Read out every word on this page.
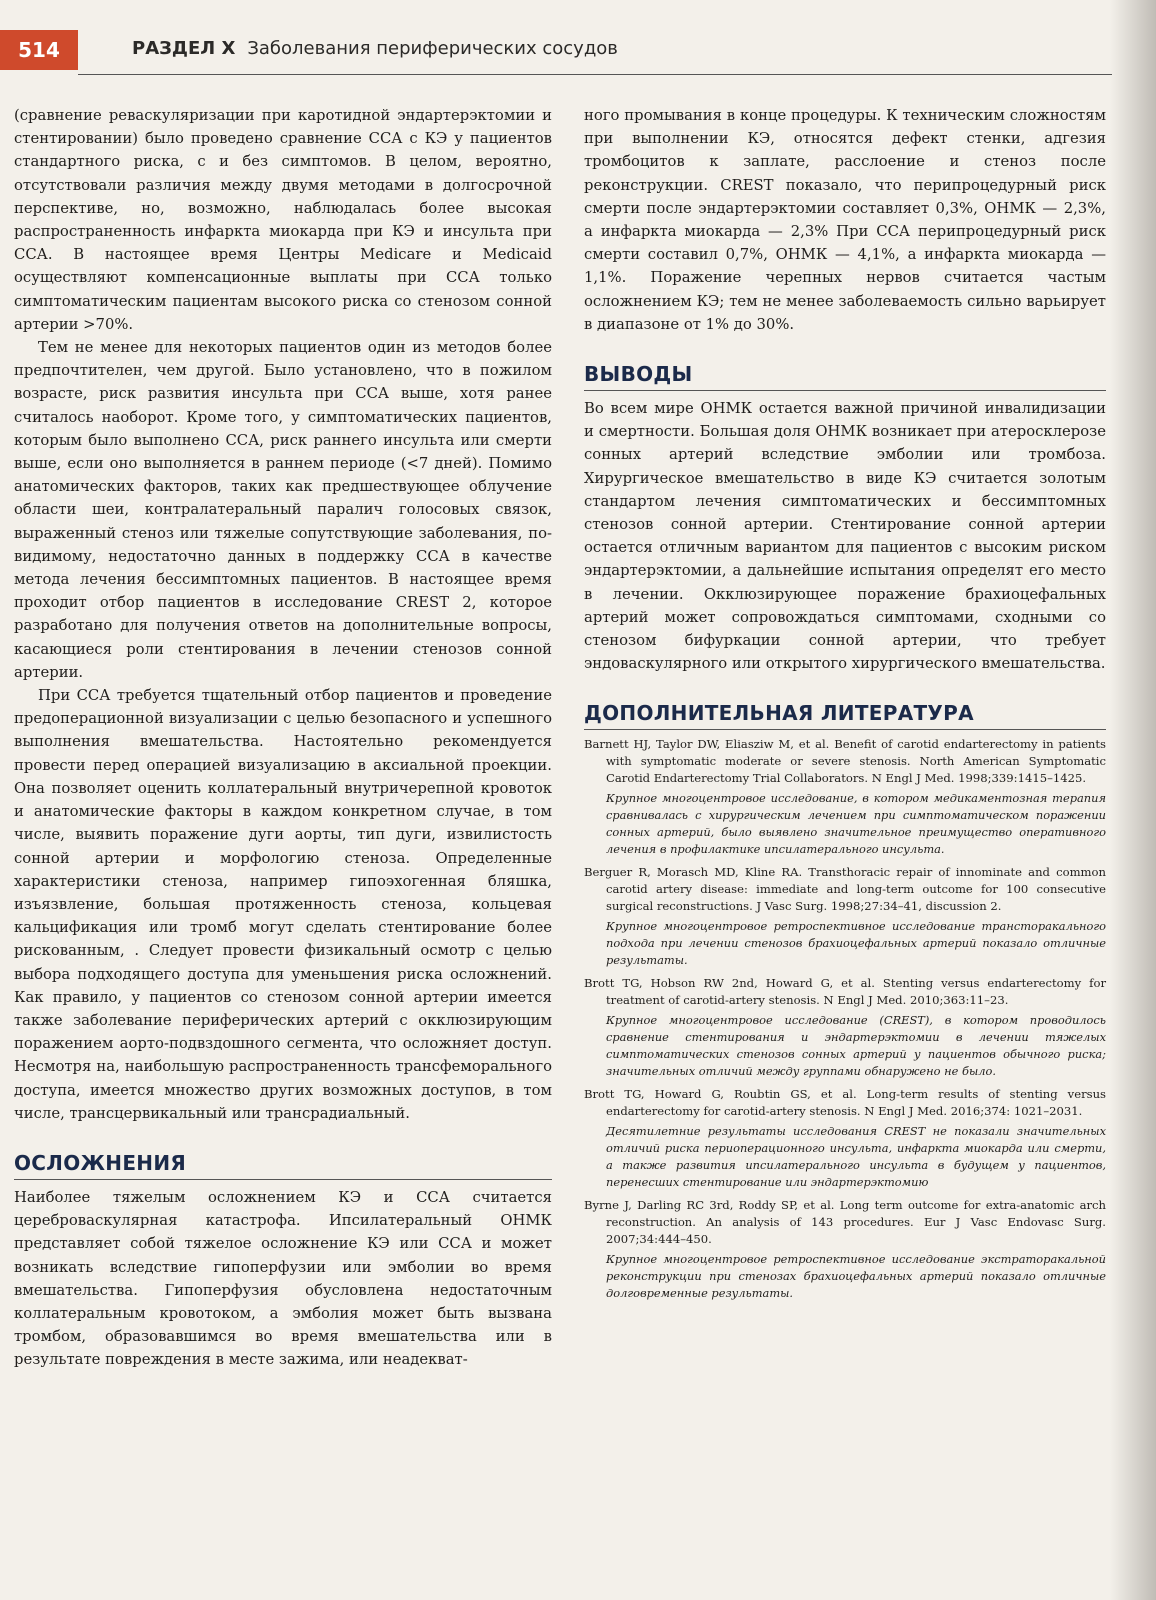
514	РАЗДЕЛ X Заболевания периферических сосудов

(сравнение реваскуляризации при каротидной эндартерэктомии и стентировании) было проведено сравнение ССА с КЭ у пациентов стандартного риска, с и без симптомов. В целом, вероятно, отсутствовали различия между двумя методами в долгосрочной перспективе, но, возможно, наблюдалась более высокая распространенность инфаркта миокарда при КЭ и инсульта при ССА. В настоящее время Центры Medicare и Medicaid осуществляют компенсационные выплаты при ССА только симптоматическим пациентам высокого риска со стенозом сонной артерии >70%.

Тем не менее для некоторых пациентов один из методов более предпочтителен, чем другой. Было установлено, что в пожилом возрасте, риск развития инсульта при ССА выше, хотя ранее считалось наоборот. Кроме того, у симптоматических пациентов, которым было выполнено ССА, риск раннего инсульта или смерти выше, если оно выполняется в раннем периоде (<7 дней). Помимо анатомических факторов, таких как предшествующее облучение области шеи, контралатеральный паралич голосовых связок, выраженный стеноз или тяжелые сопутствующие заболевания, по-видимому, недостаточно данных в поддержку ССА в качестве метода лечения бессимптомных пациентов. В настоящее время проходит отбор пациентов в исследование CREST 2, которое разработано для получения ответов на дополнительные вопросы, касающиеся роли стентирования в лечении стенозов сонной артерии.

При ССА требуется тщательный отбор пациентов и проведение предоперационной визуализации с целью безопасного и успешного выполнения вмешательства. Настоятельно рекомендуется провести перед операцией визуализацию в аксиальной проекции. Она позволяет оценить коллатеральный внутричерепной кровоток и анатомические факторы в каждом конкретном случае, в том числе, выявить поражение дуги аорты, тип дуги, извилистость сонной артерии и морфологию стеноза. Определенные характеристики стеноза, например гипоэхогенная бляшка, изъязвление, большая протяженность стеноза, кольцевая кальцификация или тромб могут сделать стентирование более рискованным, . Следует провести физикальный осмотр с целью выбора подходящего доступа для уменьшения риска осложнений. Как правило, у пациентов со стенозом сонной артерии имеется также заболевание периферических артерий с окклюзирующим поражением аорто-подвздошного сегмента, что осложняет доступ. Несмотря на, наибольшую распространенность трансфеморального доступа, имеется множество других возможных доступов, в том числе, трансцервикальный или трансрадиальный.

ОСЛОЖНЕНИЯ

Наиболее тяжелым осложнением КЭ и ССА считается цереброваскулярная катастрофа. Ипсилатеральный ОНМК представляет собой тяжелое осложнение КЭ или ССА и может возникать вследствие гипоперфузии или эмболии во время вмешательства. Гипоперфузия обусловлена недостаточным коллатеральным кровотоком, а эмболия может быть вызвана тромбом, образовавшимся во время вмешательства или в результате повреждения в месте зажима, или неадекват-

ного промывания в конце процедуры. К техническим сложностям при выполнении КЭ, относятся дефект стенки, адгезия тромбоцитов к заплате, расслоение и стеноз после реконструкции. CREST показало, что перипроцедурный риск смерти после эндартерэктомии составляет 0,3%, ОНМК — 2,3%, а инфаркта миокарда — 2,3% При ССА перипроцедурный риск смерти составил 0,7%, ОНМК — 4,1%, а инфаркта миокарда — 1,1%. Поражение черепных нервов считается частым осложнением КЭ; тем не менее заболеваемость сильно варьирует в диапазоне от 1% до 30%.

ВЫВОДЫ

Во всем мире ОНМК остается важной причиной инвалидизации и смертности. Большая доля ОНМК возникает при атеросклерозе сонных артерий вследствие эмболии или тромбоза. Хирургическое вмешательство в виде КЭ считается золотым стандартом лечения симптоматических и бессимптомных стенозов сонной артерии. Стентирование сонной артерии остается отличным вариантом для пациентов с высоким риском эндартерэктомии, а дальнейшие испытания определят его место в лечении. Окклюзирующее поражение брахиоцефальных артерий может сопровождаться симптомами, сходными со стенозом бифуркации сонной артерии, что требует эндоваскулярного или открытого хирургического вмешательства.

ДОПОЛНИТЕЛЬНАЯ ЛИТЕРАТУРА

Barnett HJ, Taylor DW, Eliasziw M, et al. Benefit of carotid endarterectomy in patients with symptomatic moderate or severe stenosis. North American Symptomatic Carotid Endarterectomy Trial Collaborators. N Engl J Med. 1998;339:1415–1425.

Крупное многоцентровое исследование, в котором медикаментозная терапия сравнивалась с хирургическим лечением при симптоматическом поражении сонных артерий, было выявлено значительное преимущество оперативного лечения в профилактике ипсилатерального инсульта.

Berguer R, Morasch MD, Kline RA. Transthoracic repair of innominate and common carotid artery disease: immediate and long-term outcome for 100 consecutive surgical reconstructions. J Vasc Surg. 1998;27:34–41, discussion 2.

Крупное многоцентровое ретроспективное исследование трансторакального подхода при лечении стенозов брахиоцефальных артерий показало отличные результаты.

Brott TG, Hobson RW 2nd, Howard G, et al. Stenting versus endarterectomy for treatment of carotid-artery stenosis. N Engl J Med. 2010;363:11–23.

Крупное многоцентровое исследование (CREST), в котором проводилось сравнение стентирования и эндартерэктомии в лечении тяжелых симптоматических стенозов сонных артерий у пациентов обычного риска; значительных отличий между группами обнаружено не было.

Brott TG, Howard G, Roubtin GS, et al. Long-term results of stenting versus endarterectomy for carotid-artery stenosis. N Engl J Med. 2016;374: 1021–2031.

Десятилетние результаты исследования CREST не показали значительных отличий риска периоперационного инсульта, инфаркта миокарда или смерти, а также развития ипсилатерального инсульта в будущем у пациентов, перенесших стентирование или эндартерэктомию

Byrne J, Darling RC 3rd, Roddy SP, et al. Long term outcome for extra-anatomic arch reconstruction. An analysis of 143 procedures. Eur J Vasc Endovasc Surg. 2007;34:444–450.

Крупное многоцентровое ретроспективное исследование экстраторакальной реконструкции при стенозах брахиоцефальных артерий показало отличные долговременные результаты.
